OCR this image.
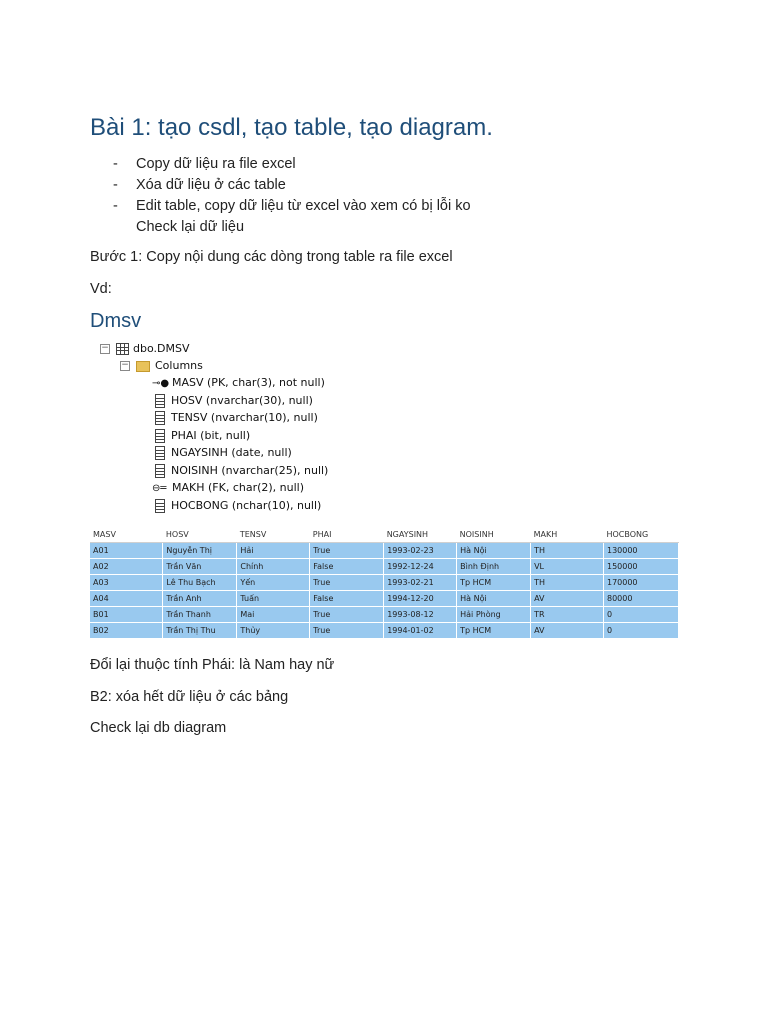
Bài 1: tạo csdl, tạo table, tạo diagram.
- Copy dữ liệu ra file excel
- Xóa dữ liệu ở các table
- Edit table, copy dữ liệu từ excel vào xem có bị lỗi ko
Check lại dữ liệu

Bước 1: Copy nội dung các dòng trong table ra file excel

Vd:

Dmsv
− dbo.DMSV
− Columns
⊸● MASV (PK, char(3), not null)
HOSV (nvarchar(30), null)
TENSV (nvarchar(10), null)
PHAI (bit, null)
NGAYSINH (date, null)
NOISINH (nvarchar(25), null)
⊖═ MAKH (FK, char(2), null)
HOCBONG (nchar(10), null)
MASV	HOSV	TENSV	PHAI	NGAYSINH	NOISINH	MAKH	HOCBONG
A01	Nguyễn Thị	Hải	True	1993-02-23	Hà Nội	TH	130000
A02	Trần Văn	Chính	False	1992-12-24	Bình Định	VL	150000
A03	Lê Thu Bạch	Yến	True	1993-02-21	Tp HCM	TH	170000
A04	Trần Anh	Tuấn	False	1994-12-20	Hà Nội	AV	80000
B01	Trần Thanh	Mai	True	1993-08-12	Hải Phòng	TR	0
B02	Trần Thị Thu	Thủy	True	1994-01-02	Tp HCM	AV	0

Đổi lại thuộc tính Phái: là Nam hay nữ

B2: xóa hết dữ liệu ở các bảng

Check lại db diagram
